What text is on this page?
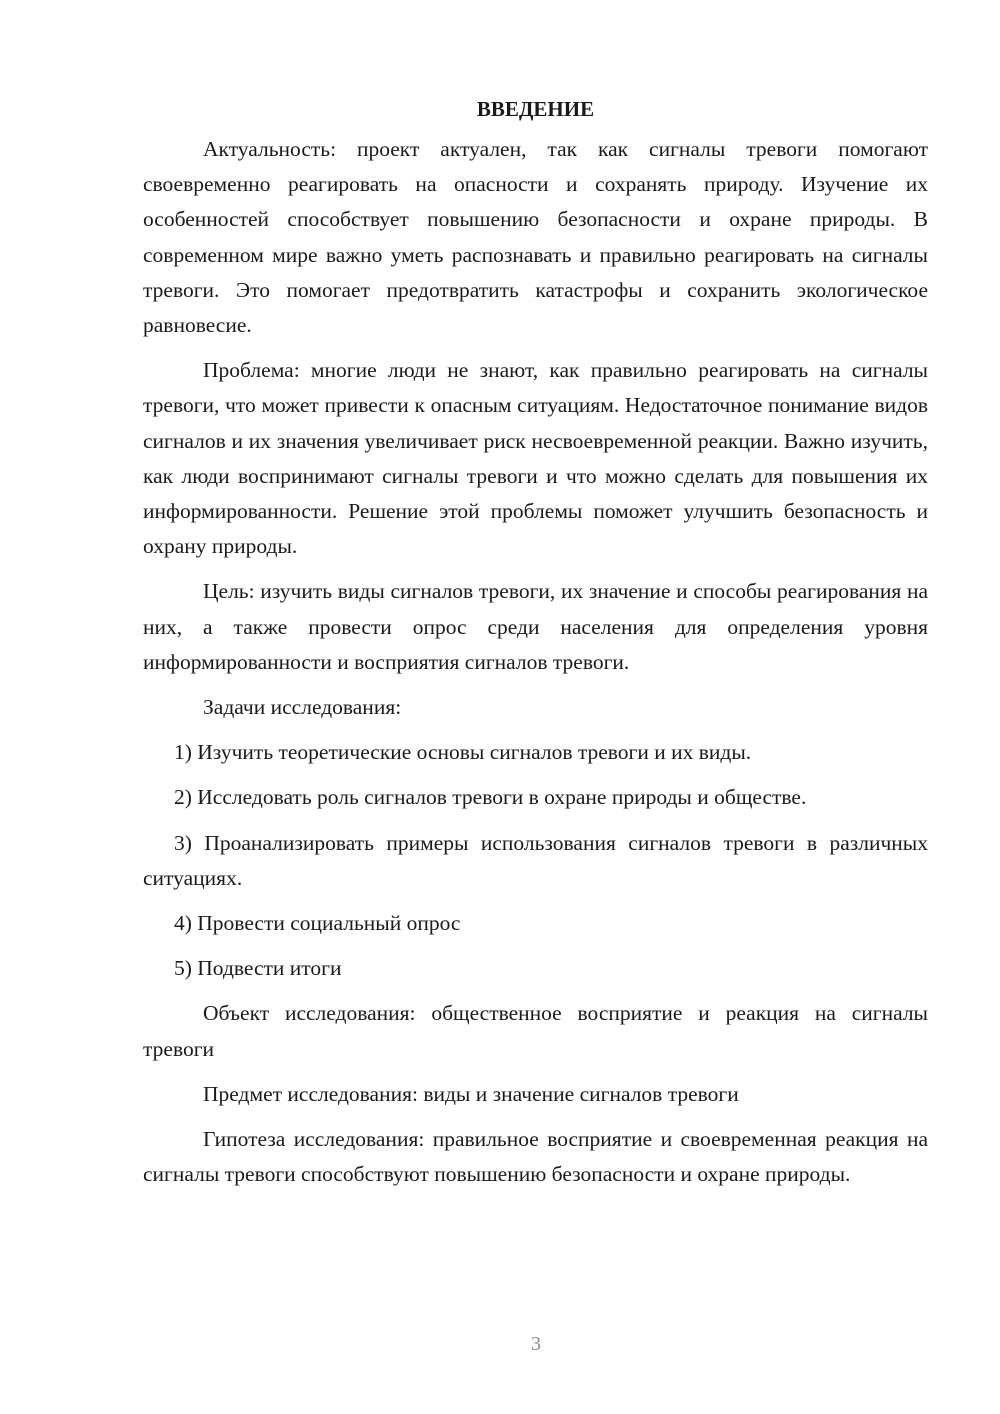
ВВЕДЕНИЕ

Актуальность: проект актуален, так как сигналы тревоги помогают своевременно реагировать на опасности и сохранять природу. Изучение их особенностей способствует повышению безопасности и охране природы. В современном мире важно уметь распознавать и правильно реагировать на сигналы тревоги. Это помогает предотвратить катастрофы и сохранить экологическое равновесие.

Проблема: многие люди не знают, как правильно реагировать на сигналы тревоги, что может привести к опасным ситуациям. Недостаточное понимание видов сигналов и их значения увеличивает риск несвоевременной реакции. Важно изучить, как люди воспринимают сигналы тревоги и что можно сделать для повышения их информированности. Решение этой проблемы поможет улучшить безопасность и охрану природы.

Цель: изучить виды сигналов тревоги, их значение и способы реагирования на них, а также провести опрос среди населения для определения уровня информированности и восприятия сигналов тревоги.

Задачи исследования:

1) Изучить теоретические основы сигналов тревоги и их виды.

2) Исследовать роль сигналов тревоги в охране природы и обществе.

3) Проанализировать примеры использования сигналов тревоги в различных ситуациях.

4) Провести социальный опрос

5) Подвести итоги

Объект исследования: общественное восприятие и реакция на сигналы тревоги

Предмет исследования: виды и значение сигналов тревоги

Гипотеза исследования: правильное восприятие и своевременная реакция на сигналы тревоги способствуют повышению безопасности и охране природы.

3
